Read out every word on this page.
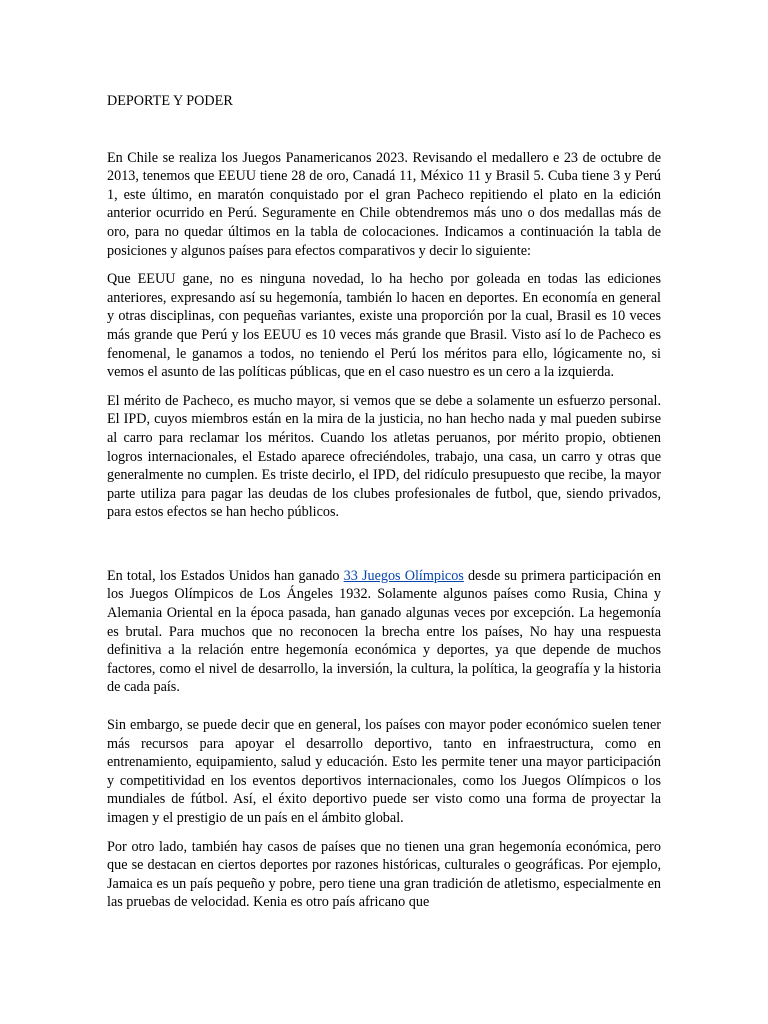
DEPORTE Y PODER

En Chile se realiza los Juegos Panamericanos 2023. Revisando el medallero e 23 de octubre de 2013, tenemos que EEUU tiene 28 de oro, Canadá 11, México 11 y Brasil 5. Cuba tiene 3 y Perú 1, este último, en maratón conquistado por el gran Pacheco repitiendo el plato en la edición anterior ocurrido en Perú. Seguramente en Chile obtendremos más uno o dos medallas más de oro, para no quedar últimos en la tabla de colocaciones. Indicamos a continuación la tabla de posiciones y algunos países para efectos comparativos y decir lo siguiente:

Que EEUU gane, no es ninguna novedad, lo ha hecho por goleada en todas las ediciones anteriores, expresando así su hegemonía, también lo hacen en deportes. En economía en general y otras disciplinas, con pequeñas variantes, existe una proporción por la cual, Brasil es 10 veces más grande que Perú y los EEUU es 10 veces más grande que Brasil. Visto así lo de Pacheco es fenomenal, le ganamos a todos, no teniendo el Perú los méritos para ello, lógicamente no, si vemos el asunto de las políticas públicas, que en el caso nuestro es un cero a la izquierda.

El mérito de Pacheco, es mucho mayor, si vemos que se debe a solamente un esfuerzo personal. El IPD, cuyos miembros están en la mira de la justicia, no han hecho nada y mal pueden subirse al carro para reclamar los méritos. Cuando los atletas peruanos, por mérito propio, obtienen logros internacionales, el Estado aparece ofreciéndoles, trabajo, una casa, un carro y otras que generalmente no cumplen. Es triste decirlo, el IPD, del ridículo presupuesto que recibe, la mayor parte utiliza para pagar las deudas de los clubes profesionales de futbol, que, siendo privados, para estos efectos se han hecho públicos.

En total, los Estados Unidos han ganado 33 Juegos Olímpicos desde su primera participación en los Juegos Olímpicos de Los Ángeles 1932. Solamente algunos países como Rusia, China y Alemania Oriental en la época pasada, han ganado algunas veces por excepción. La hegemonía es brutal. Para muchos que no reconocen la brecha entre los países, No hay una respuesta definitiva a la relación entre hegemonía económica y deportes, ya que depende de muchos factores, como el nivel de desarrollo, la inversión, la cultura, la política, la geografía y la historia de cada país.

Sin embargo, se puede decir que en general, los países con mayor poder económico suelen tener más recursos para apoyar el desarrollo deportivo, tanto en infraestructura, como en entrenamiento, equipamiento, salud y educación. Esto les permite tener una mayor participación y competitividad en los eventos deportivos internacionales, como los Juegos Olímpicos o los mundiales de fútbol. Así, el éxito deportivo puede ser visto como una forma de proyectar la imagen y el prestigio de un país en el ámbito global.

Por otro lado, también hay casos de países que no tienen una gran hegemonía económica, pero que se destacan en ciertos deportes por razones históricas, culturales o geográficas. Por ejemplo, Jamaica es un país pequeño y pobre, pero tiene una gran tradición de atletismo, especialmente en las pruebas de velocidad. Kenia es otro país africano que
